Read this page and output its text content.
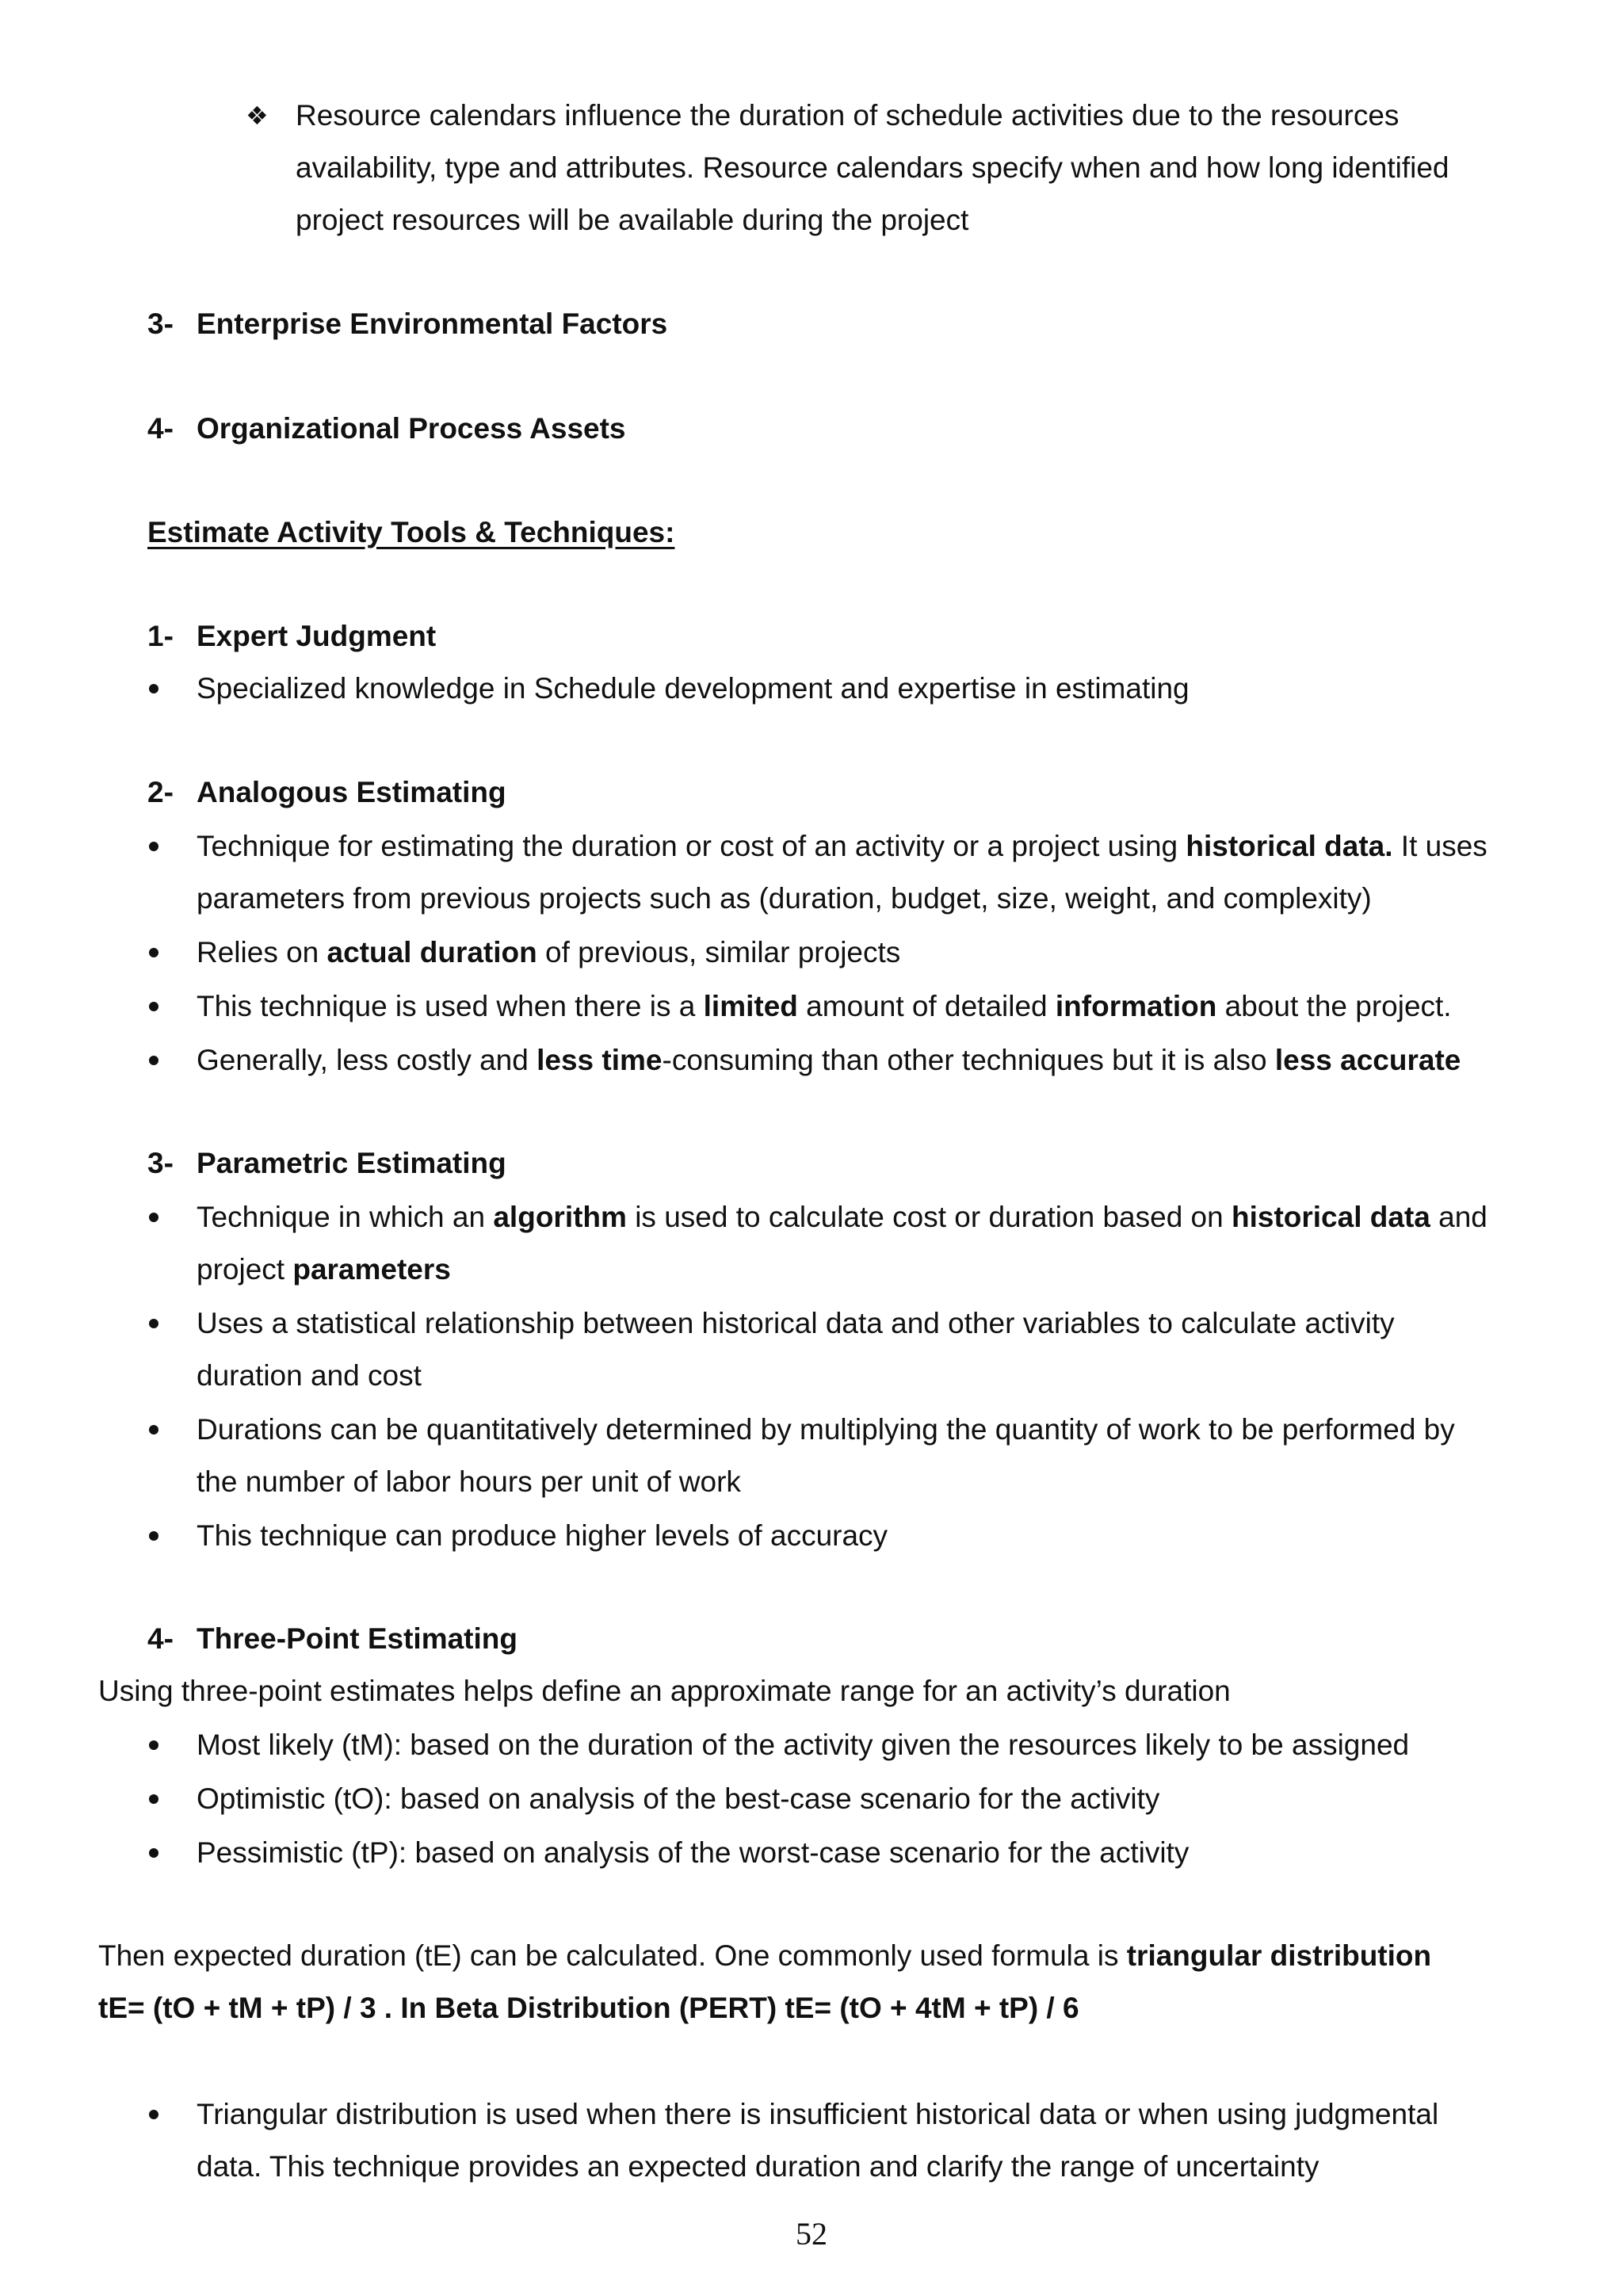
❖ Resource calendars influence the duration of schedule activities due to the resources
availability, type and attributes. Resource calendars specify when and how long identified
project resources will be available during the project
3- Enterprise Environmental Factors
4- Organizational Process Assets
Estimate Activity Tools & Techniques:
1- Expert Judgment
Specialized knowledge in Schedule development and expertise in estimating
2- Analogous Estimating
Technique for estimating the duration or cost of an activity or a project using historical data. It uses
parameters from previous projects such as (duration, budget, size, weight, and complexity)
Relies on actual duration of previous, similar projects
This technique is used when there is a limited amount of detailed information about the project.
Generally, less costly and less time-consuming than other techniques but it is also less accurate
3- Parametric Estimating
Technique in which an algorithm is used to calculate cost or duration based on historical data and
project parameters
Uses a statistical relationship between historical data and other variables to calculate activity
duration and cost
Durations can be quantitatively determined by multiplying the quantity of work to be performed by
the number of labor hours per unit of work
This technique can produce higher levels of accuracy
4- Three-Point Estimating
Using three-point estimates helps define an approximate range for an activity’s duration
Most likely (tM): based on the duration of the activity given the resources likely to be assigned
Optimistic (tO): based on analysis of the best-case scenario for the activity
Pessimistic (tP): based on analysis of the worst-case scenario for the activity
Then expected duration (tE) can be calculated. One commonly used formula is triangular distribution
tE= (tO + tM + tP) / 3 . In Beta Distribution (PERT) tE= (tO + 4tM + tP) / 6
Triangular distribution is used when there is insufficient historical data or when using judgmental
data. This technique provides an expected duration and clarify the range of uncertainty
52
